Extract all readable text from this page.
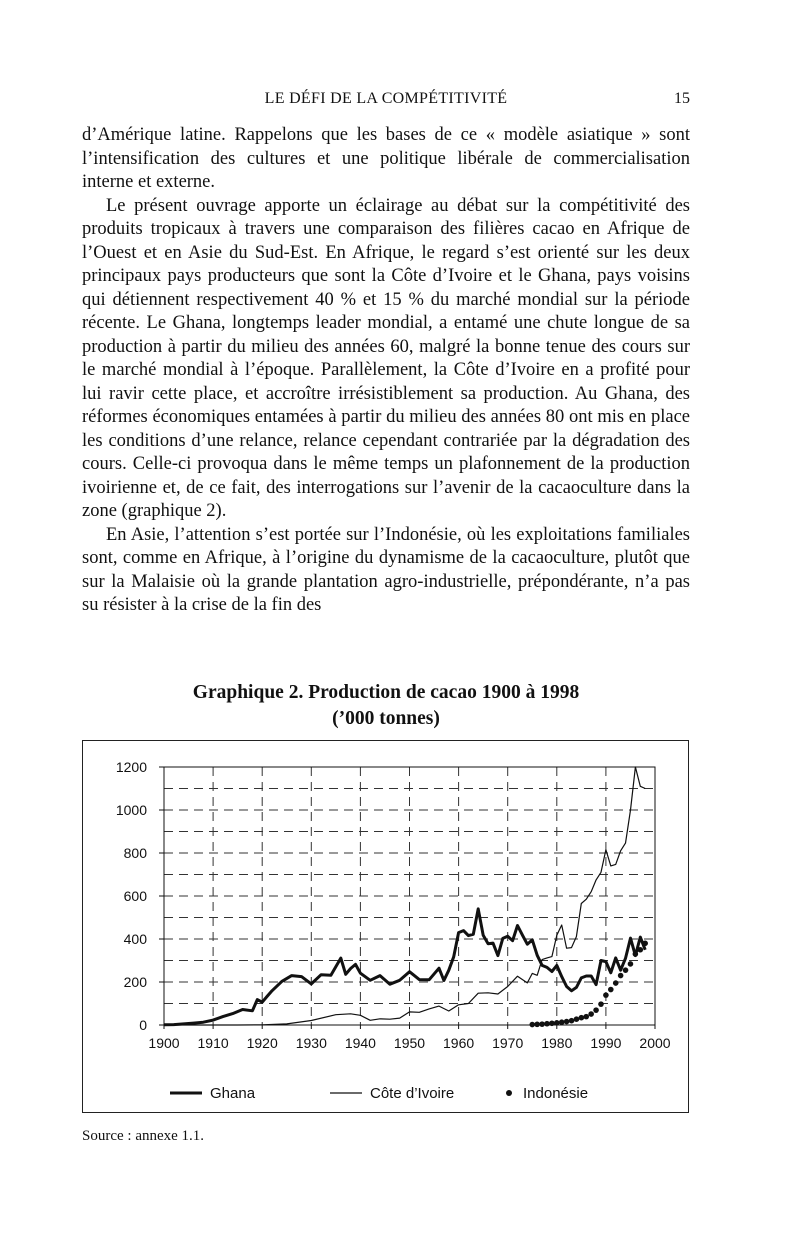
LE DÉFI DE LA COMPÉTITIVITÉ	15

d’Amérique latine. Rappelons que les bases de ce « modèle asiatique » sont l’intensification des cultures et une politique libérale de commercialisation interne et externe.

Le présent ouvrage apporte un éclairage au débat sur la compétitivité des produits tropicaux à travers une comparaison des filières cacao en Afrique de l’Ouest et en Asie du Sud-Est. En Afrique, le regard s’est orienté sur les deux principaux pays producteurs que sont la Côte d’Ivoire et le Ghana, pays voisins qui détiennent respectivement 40 % et 15 % du marché mondial sur la période récente. Le Ghana, longtemps leader mondial, a entamé une chute longue de sa production à partir du milieu des années 60, malgré la bonne tenue des cours sur le marché mondial à l’époque. Parallèlement, la Côte d’Ivoire en a profité pour lui ravir cette place, et accroître irrésistiblement sa production. Au Ghana, des réformes économiques entamées à partir du milieu des années 80 ont mis en place les conditions d’une relance, relance cependant contrariée par la dégradation des cours. Celle-ci provoqua dans le même temps un plafonnement de la production ivoirienne et, de ce fait, des interrogations sur l’avenir de la cacaoculture dans la zone (graphique 2).

En Asie, l’attention s’est portée sur l’Indonésie, où les exploitations familiales sont, comme en Afrique, à l’origine du dynamisme de la cacaoculture, plutôt que sur la Malaisie où la grande plantation agro-industrielle, prépondérante, n’a pas su résister à la crise de la fin des

Graphique 2. Production de cacao 1900 à 1998
(’000 tonnes)
0
200
400
600
800
1000
1200
1900 1910 1920 1930 1940 1950 1960 1970 1980 1990 2000
Ghana	Côte d’Ivoire	Indonésie
Source : annexe 1.1.
